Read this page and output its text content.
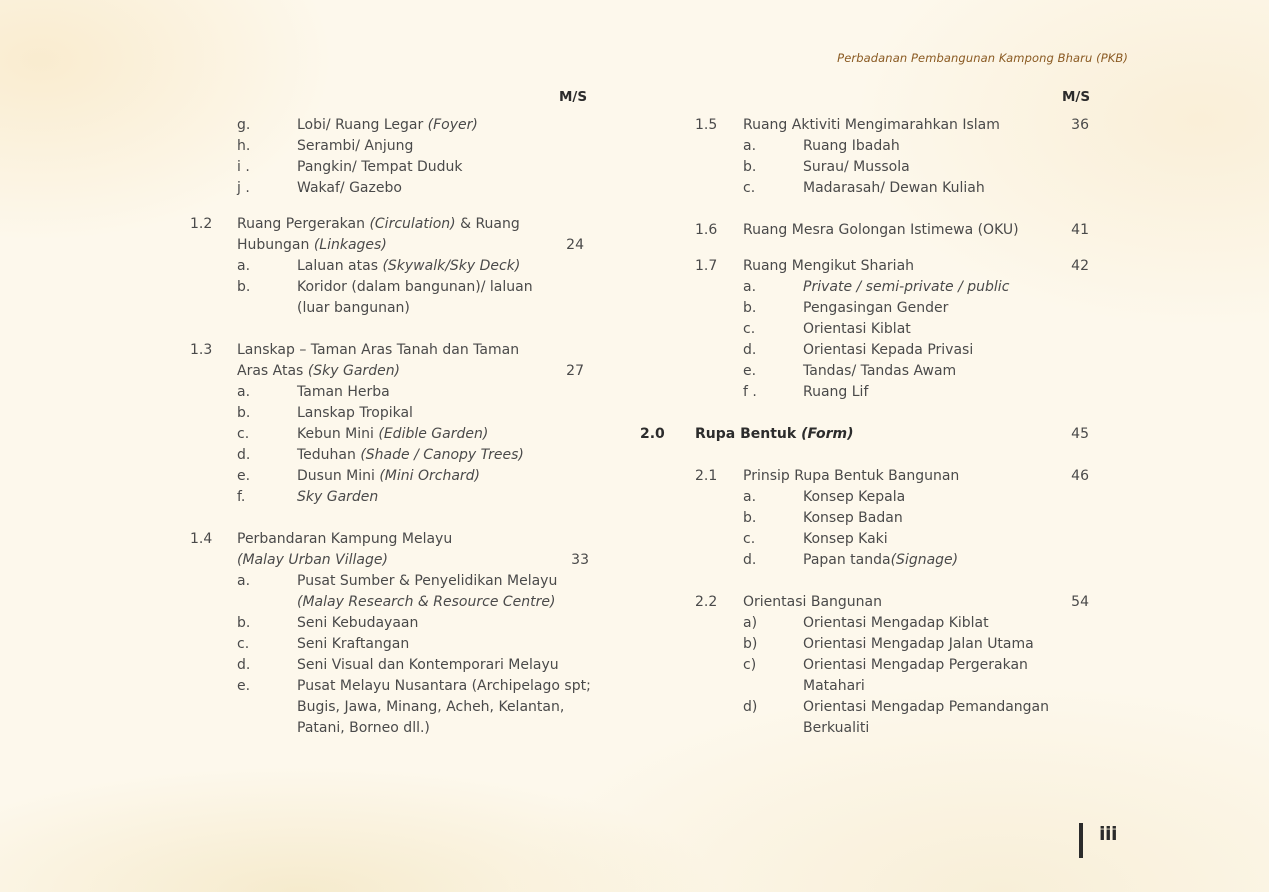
Perbadanan Pembangunan Kampong Bharu (PKB)
M/S	M/S
g.	Lobi/ Ruang Legar (Foyer)
h.	Serambi/ Anjung
i .	Pangkin/ Tempat Duduk
j .	Wakaf/ Gazebo
1.2 Ruang Pergerakan (Circulation) & Ruang
Hubungan (Linkages)	24
a.	Laluan atas (Skywalk/Sky Deck)
b.	Koridor (dalam bangunan)/ laluan
(luar bangunan)
1.3 Lanskap – Taman Aras Tanah dan Taman
Aras Atas (Sky Garden)	27
a.	Taman Herba
b.	Lanskap Tropikal
c.	Kebun Mini (Edible Garden)
d.	Teduhan (Shade / Canopy Trees)
e.	Dusun Mini (Mini Orchard)
f.	Sky Garden
1.4 Perbandaran Kampung Melayu
(Malay Urban Village)	33
a.	Pusat Sumber & Penyelidikan Melayu
(Malay Research & Resource Centre)
b.	Seni Kebudayaan
c.	Seni Kraftangan
d.	Seni Visual dan Kontemporari Melayu
e.	Pusat Melayu Nusantara (Archipelago spt;
Bugis, Jawa, Minang, Acheh, Kelantan,
Patani, Borneo dll.)
1.5 Ruang Aktiviti Mengimarahkan Islam	36
a.	Ruang Ibadah
b.	Surau/ Mussola
c.	Madarasah/ Dewan Kuliah
1.6 Ruang Mesra Golongan Istimewa (OKU)	41
1.7 Ruang Mengikut Shariah	42
a.	Private / semi-private / public
b.	Pengasingan Gender
c.	Orientasi Kiblat
d.	Orientasi Kepada Privasi
e.	Tandas/ Tandas Awam
f .	Ruang Lif
2.0 Rupa Bentuk (Form)	45
2.1 Prinsip Rupa Bentuk Bangunan	46
a.	Konsep Kepala
b.	Konsep Badan
c.	Konsep Kaki
d.	Papan tanda(Signage)
2.2 Orientasi Bangunan	54
a)	Orientasi Mengadap Kiblat
b)	Orientasi Mengadap Jalan Utama
c)	Orientasi Mengadap Pergerakan
Matahari
d)	Orientasi Mengadap Pemandangan
Berkualiti
iii
